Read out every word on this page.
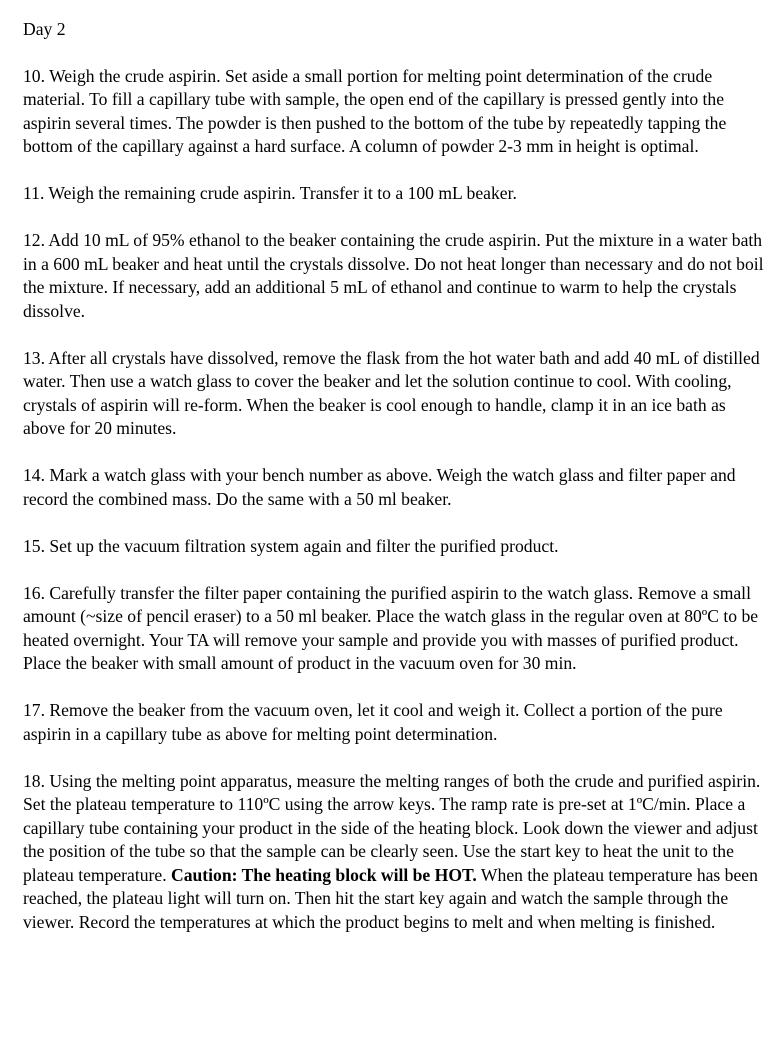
Day 2

10. Weigh the crude aspirin. Set aside a small portion for melting point determination of the crude material. To fill a capillary tube with sample, the open end of the capillary is pressed gently into the aspirin several times. The powder is then pushed to the bottom of the tube by repeatedly tapping the bottom of the capillary against a hard surface. A column of powder 2-3 mm in height is optimal.

11. Weigh the remaining crude aspirin. Transfer it to a 100 mL beaker.

12. Add 10 mL of 95% ethanol to the beaker containing the crude aspirin. Put the mixture in a water bath in a 600 mL beaker and heat until the crystals dissolve. Do not heat longer than necessary and do not boil the mixture. If necessary, add an additional 5 mL of ethanol and continue to warm to help the crystals dissolve.

13. After all crystals have dissolved, remove the flask from the hot water bath and add 40 mL of distilled water. Then use a watch glass to cover the beaker and let the solution continue to cool. With cooling, crystals of aspirin will re-form. When the beaker is cool enough to handle, clamp it in an ice bath as above for 20 minutes.

14. Mark a watch glass with your bench number as above. Weigh the watch glass and filter paper and record the combined mass. Do the same with a 50 ml beaker.

15. Set up the vacuum filtration system again and filter the purified product.

16. Carefully transfer the filter paper containing the purified aspirin to the watch glass. Remove a small amount (~size of pencil eraser) to a 50 ml beaker. Place the watch glass in the regular oven at 80ºC to be heated overnight. Your TA will remove your sample and provide you with masses of purified product. Place the beaker with small amount of product in the vacuum oven for 30 min.

17. Remove the beaker from the vacuum oven, let it cool and weigh it. Collect a portion of the pure aspirin in a capillary tube as above for melting point determination.

18. Using the melting point apparatus, measure the melting ranges of both the crude and purified aspirin. Set the plateau temperature to 110ºC using the arrow keys. The ramp rate is pre-set at 1ºC/min. Place a capillary tube containing your product in the side of the heating block. Look down the viewer and adjust the position of the tube so that the sample can be clearly seen. Use the start key to heat the unit to the plateau temperature. Caution: The heating block will be HOT. When the plateau temperature has been reached, the plateau light will turn on. Then hit the start key again and watch the sample through the viewer. Record the temperatures at which the product begins to melt and when melting is finished.
